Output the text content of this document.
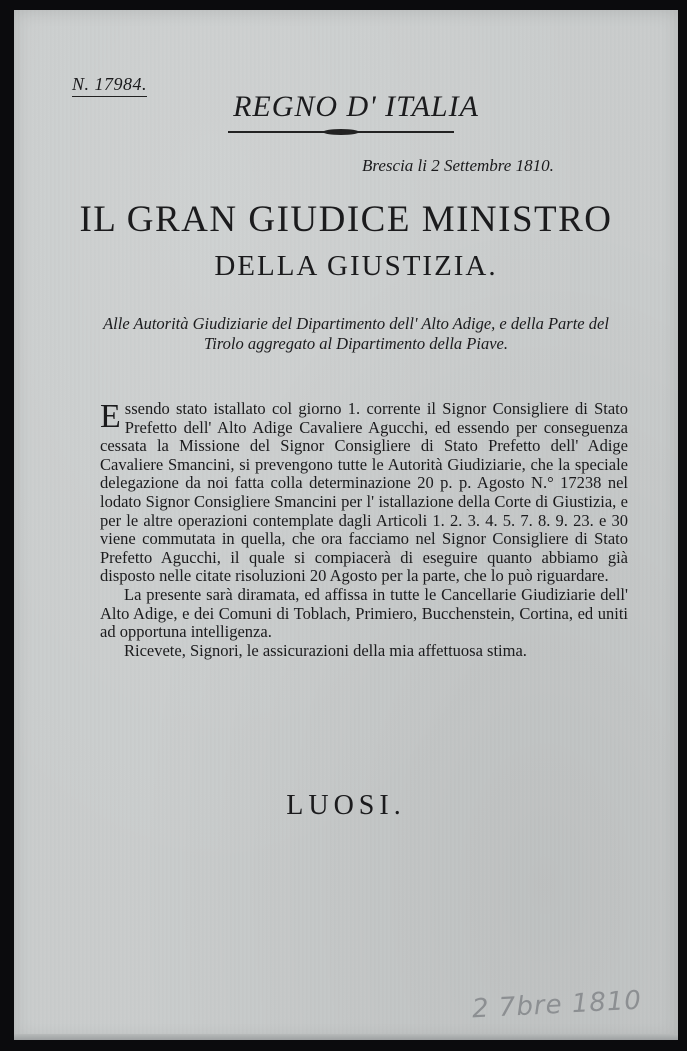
N. 17984.
REGNO D' ITALIA
Brescia li 2 Settembre 1810.
IL GRAN GIUDICE MINISTRO
DELLA GIUSTIZIA.
Alle Autorità Giudiziarie del Dipartimento dell' Alto Adige, e della Parte del Tirolo aggregato al Dipartimento della Piave.

Essendo stato istallato col giorno 1. corrente il Signor Consigliere di Stato Prefetto dell' Alto Adige Cavaliere Agucchi, ed essendo per conseguenza cessata la Missione del Signor Consigliere di Stato Prefetto dell' Adige Cavaliere Smancini, si prevengono tutte le Autorità Giudiziarie, che la speciale delegazione da noi fatta colla determinazione 20 p. p. Agosto N.° 17238 nel lodato Signor Consigliere Smancini per l' istallazione della Corte di Giustizia, e per le altre operazioni contemplate dagli Articoli 1. 2. 3. 4. 5. 7. 8. 9. 23. e 30 viene commutata in quella, che ora facciamo nel Signor Consigliere di Stato Prefetto Agucchi, il quale si compiacerà di eseguire quanto abbiamo già disposto nelle citate risoluzioni 20 Agosto per la parte, che lo può riguardare.

La presente sarà diramata, ed affissa in tutte le Cancellarie Giudiziarie dell' Alto Adige, e dei Comuni di Toblach, Primiero, Bucchenstein, Cortina, ed uniti ad opportuna intelligenza.

Ricevete, Signori, le assicurazioni della mia affettuosa stima.

LUOSI.
2 7bre 1810
